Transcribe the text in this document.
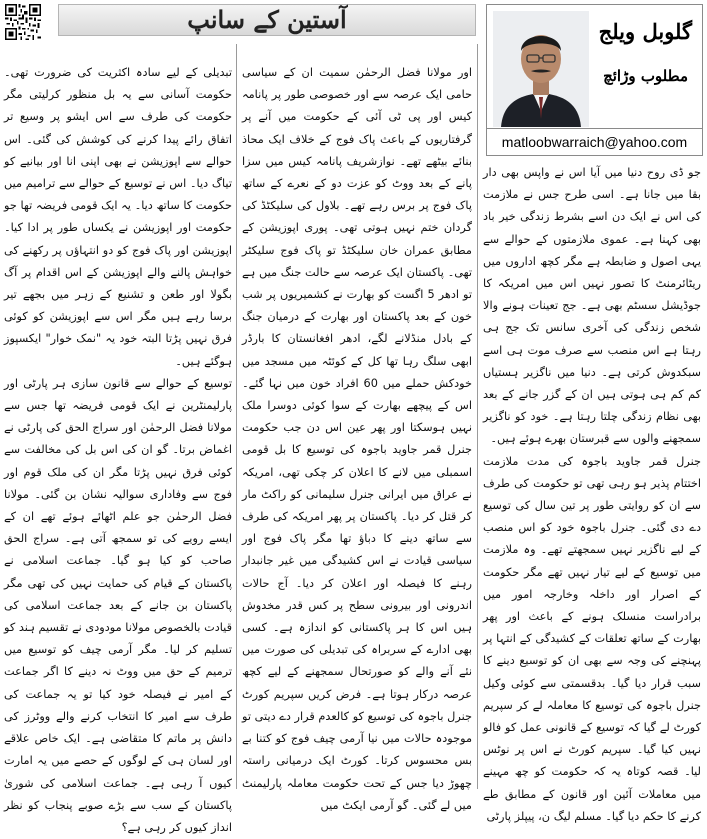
آستین کے سانپ	گلوبل ویلج
مطلوب وڑائچ
matloobwarraich@yahoo.com

تبدیلی کے لیے سادہ اکثریت کی ضرورت تھی۔ حکومت آسانی سے یہ بل منظور کرلیتی مگر حکومت کی طرف سے اس ایشو پر وسیع تر اتفاق رائے پیدا کرنے کی کوشش کی گئی۔ اس حوالے سے اپوزیشن نے بھی اپنی انا اور بیانیے کو تیاگ دیا۔ اس نے توسیع کے حوالے سے ترامیم میں حکومت کا ساتھ دیا۔ یہ ایک قومی فریضہ تھا جو حکومت اور اپوزیشن نے یکساں طور پر ادا کیا۔ اپوزیشن اور پاک فوج کو دو انتہاؤں پر رکھنے کی خواہش پالنے والے اپوزیشن کے اس اقدام پر آگ بگولا اور طعن و تشنیع کے زہر میں بجھے تیر برسا رہے ہیں مگر اس سے اپوزیشن کو کوئی فرق نہیں پڑتا البتہ خود یہ "نمک خوار" ایکسپوز ہوگئے ہیں۔

توسیع کے حوالے سے قانون سازی ہر پارٹی اور پارلیمنٹرین نے ایک قومی فریضہ تھا جس سے مولانا فضل الرحمٰن اور سراج الحق کی پارٹی نے اغماض برتا۔ گو ان کی اس بل کی مخالفت سے کوئی فرق نہیں پڑتا مگر ان کی ملک قوم اور فوج سے وفاداری سوالیہ نشان بن گئی۔ مولانا فضل الرحمٰن جو علم اٹھائے ہوئے تھے ان کے ایسے رویے کی تو سمجھ آتی ہے۔ سراج الحق صاحب کو کیا ہو گیا۔ جماعت اسلامی نے پاکستان کے قیام کی حمایت نہیں کی تھی مگر پاکستان بن جانے کے بعد جماعت اسلامی کی قیادت بالخصوص مولانا مودودی نے تقسیم ہند کو تسلیم کر لیا۔ مگر آرمی چیف کو توسیع میں ترمیم کے حق میں ووٹ نہ دینے کا اگر جماعت کے امیر نے فیصلہ خود کیا تو یہ جماعت کی طرف سے امیر کا انتخاب کرنے والے ووٹرز کی دانش پر ماتم کا متقاضی ہے۔ ایک خاص علاقے اور لسان ہی کے لوگوں کے حصے میں یہ امارت کیوں آ رہی ہے۔ جماعت اسلامی کی شوریٰ پاکستان کے سب سے بڑے صوبے پنجاب کو نظر انداز کیوں کر رہی ہے؟

اور مولانا فضل الرحمٰن سمیت ان کے سیاسی حامی ایک عرصہ سے اور خصوصی طور پر پانامہ کیس اور پی ٹی آئی کے حکومت میں آنے پر گرفتاریوں کے باعث پاک فوج کے خلاف ایک محاذ بنائے بیٹھے تھے۔ نوازشریف پانامہ کیس میں سزا پانے کے بعد ووٹ کو عزت دو کے نعرے کے ساتھ پاک فوج پر برس رہے تھے۔ بلاول کی سلیکٹڈ کی گردان ختم نہیں ہوتی تھی۔ پوری اپوزیشن کے مطابق عمران خان سلیکٹڈ تو پاک فوج سلیکٹر تھی۔ پاکستان ایک عرصہ سے حالت جنگ میں ہے تو ادھر 5 اگست کو بھارت نے کشمیریوں پر شب خون کے بعد پاکستان اور بھارت کے درمیان جنگ کے بادل منڈلانے لگے، ادھر افغانستان کا بارڈر ابھی سلگ رہا تھا کل کے کوئٹہ میں مسجد میں خودکش حملے میں 60 افراد خون میں نہا گئے۔ اس کے پیچھے بھارت کے سوا کوئی دوسرا ملک نہیں ہوسکتا اور پھر عین اس دن جب حکومت جنرل قمر جاوید باجوہ کی توسیع کا بل قومی اسمبلی میں لانے کا اعلان کر چکی تھی، امریکہ نے عراق میں ایرانی جنرل سلیمانی کو راکٹ مار کر قتل کر دیا۔ پاکستان پر پھر امریکہ کی طرف سے ساتھ دینے کا دباؤ تھا مگر پاک فوج اور سیاسی قیادت نے اس کشیدگی میں غیر جانبدار رہنے کا فیصلہ اور اعلان کر دیا۔ آج حالات اندرونی اور بیرونی سطح پر کس قدر مخدوش ہیں اس کا ہر پاکستانی کو اندازہ ہے۔ کسی بھی ادارے کے سربراہ کی تبدیلی کی صورت میں نئے آنے والے کو صورتحال سمجھنے کے لیے کچھ عرصہ درکار ہوتا ہے۔ فرض کریں سپریم کورٹ جنرل باجوہ کی توسیع کو کالعدم قرار دے دیتی تو موجودہ حالات میں نیا آرمی چیف فوج کو کتنا بے بس محسوس کرتا۔ کورٹ ایک درمیانی راستہ چھوڑ دیا جس کے تحت حکومت معاملہ پارلیمنٹ میں لے گئی۔ گو آرمی ایکٹ میں

جو ڈی روح دنیا میں آیا اس نے واپس بھی دار بقا میں جانا ہے۔ اسی طرح جس نے ملازمت کی اس نے ایک دن اسے بشرط زندگی خیر باد بھی کہنا ہے۔ عموی ملازمتوں کے حوالے سے یہی اصول و ضابطہ ہے مگر کچھ اداروں میں ریٹائرمنٹ کا تصور نہیں اس میں امریکہ کا جوڈیشل سسٹم بھی ہے۔ جج تعینات ہونے والا شخص زندگی کی آخری سانس تک جج ہی رہتا ہے اس منصب سے صرف موت ہی اسے سبکدوش کرتی ہے۔ دنیا میں ناگزیر ہستیاں کم کم ہی ہوتی ہیں ان کے گزر جانے کے بعد بھی نظام زندگی چلتا رہتا ہے۔ خود کو ناگزیر سمجھنے والوں سے قبرستان بھرے ہوئے ہیں۔

جنرل قمر جاوید باجوہ کی مدت ملازمت اختتام پذیر ہو رہی تھی تو حکومت کی طرف سے ان کو روایتی طور پر تین سال کی توسیع دے دی گئی۔ جنرل باجوہ خود کو اس منصب کے لیے ناگزیر نہیں سمجھتے تھے۔ وہ ملازمت میں توسیع کے لیے تیار نہیں تھے مگر حکومت کے اصرار اور داخلہ وخارجہ امور میں برادراست منسلک ہونے کے باعث اور پھر بھارت کے ساتھ تعلقات کے کشیدگی کے انتہا پر پہنچنے کی وجہ سے بھی ان کو توسیع دینے کا سبب قرار دیا گیا۔ بدقسمتی سے کوئی وکیل جنرل باجوہ کی توسیع کا معاملہ لے کر سپریم کورٹ لے گیا کہ توسیع کے قانونی عمل کو فالو نہیں کیا گیا۔ سپریم کورٹ نے اس پر نوٹس لیا۔ قصہ کوتاہ یہ کہ حکومت کو چھ مہینے میں معاملات آئین اور قانون کے مطابق طے کرنے کا حکم دیا گیا۔ مسلم لیگ ن، پیپلز پارٹی
